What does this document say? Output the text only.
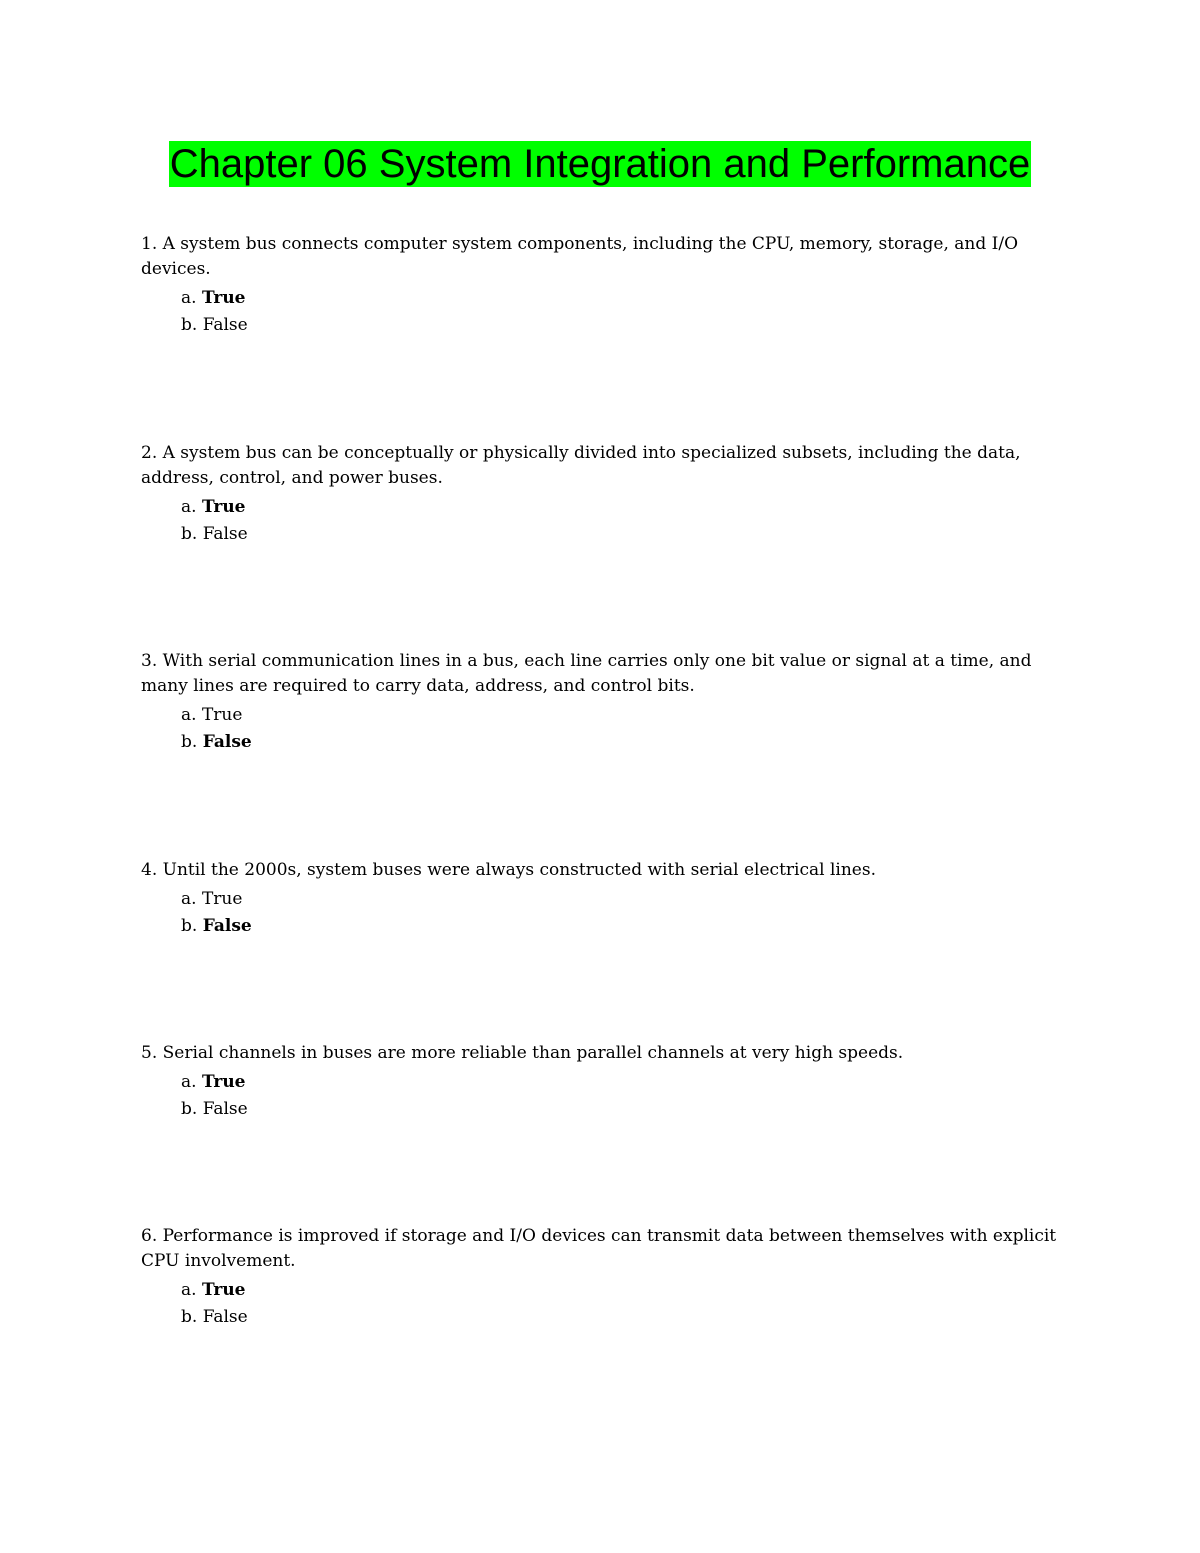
Chapter 06 System Integration and Performance

1. A system bus connects computer system components, including the CPU, memory, storage, and I/O devices.

a. True
b. False

2. A system bus can be conceptually or physically divided into specialized subsets, including the data, address, control, and power buses.

a. True
b. False

3. With serial communication lines in a bus, each line carries only one bit value or signal at a time, and many lines are required to carry data, address, and control bits.

a. True
b. False

4. Until the 2000s, system buses were always constructed with serial electrical lines.

a. True
b. False

5. Serial channels in buses are more reliable than parallel channels at very high speeds.

a. True
b. False

6. Performance is improved if storage and I/O devices can transmit data between themselves with explicit CPU involvement.

a. True
b. False
